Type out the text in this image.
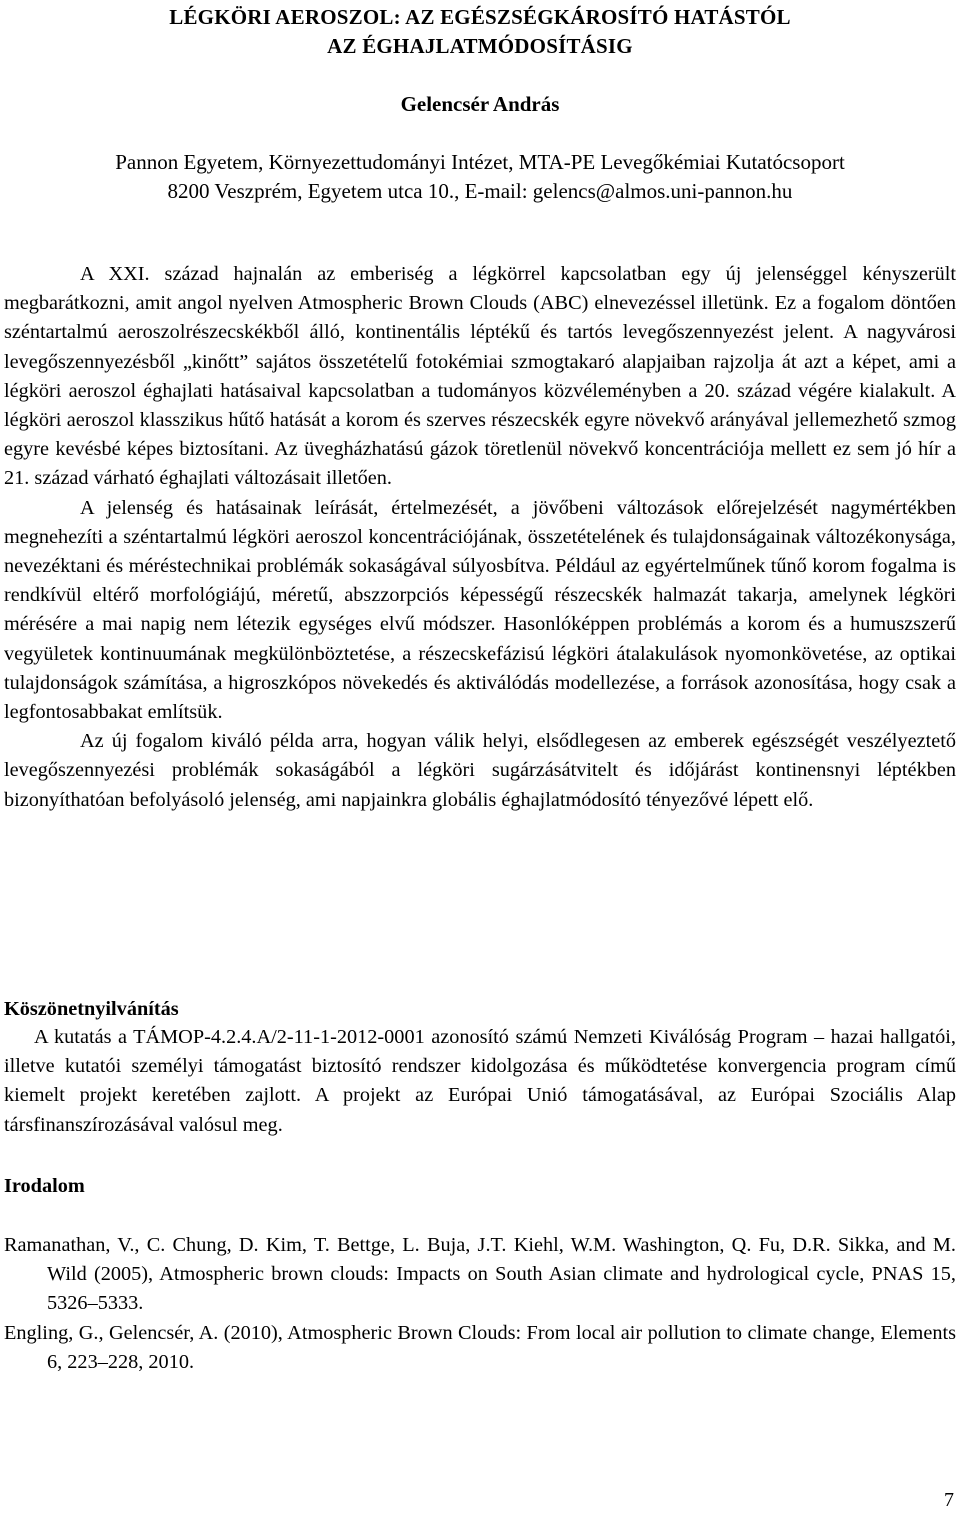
LÉGKÖRI AEROSZOL: AZ EGÉSZSÉGKÁROSÍTÓ HATÁSTÓL
AZ ÉGHAJLATMÓDOSÍTÁSIG
Gelencsér András
Pannon Egyetem, Környezettudományi Intézet, MTA-PE Levegőkémiai Kutatócsoport
8200 Veszprém, Egyetem utca 10., E-mail: gelencs@almos.uni-pannon.hu

A XXI. század hajnalán az emberiség a légkörrel kapcsolatban egy új jelenséggel kényszerült megbarátkozni, amit angol nyelven Atmospheric Brown Clouds (ABC) elnevezéssel illetünk. Ez a fogalom döntően széntartalmú aeroszolrészecskékből álló, kontinentális léptékű és tartós levegőszennyezést jelent. A nagyvárosi levegőszennyezésből „kinőtt” sajátos összetételű fotokémiai szmogtakaró alapjaiban rajzolja át azt a képet, ami a légköri aeroszol éghajlati hatásaival kapcsolatban a tudományos közvéleményben a 20. század végére kialakult. A légköri aeroszol klasszikus hűtő hatását a korom és szerves részecskék egyre növekvő arányával jellemezhető szmog egyre kevésbé képes biztosítani. Az üvegházhatású gázok töretlenül növekvő koncentrációja mellett ez sem jó hír a 21. század várható éghajlati változásait illetően.

A jelenség és hatásainak leírását, értelmezését, a jövőbeni változások előrejelzését nagymértékben megnehezíti a széntartalmú légköri aeroszol koncentrációjának, összetételének és tulajdonságainak változékonysága, nevezéktani és méréstechnikai problémák sokaságával súlyosbítva. Például az egyértelműnek tűnő korom fogalma is rendkívül eltérő morfológiájú, méretű, abszzorpciós képességű részecskék halmazát takarja, amelynek légköri mérésére a mai napig nem létezik egységes elvű módszer. Hasonlóképpen problémás a korom és a humuszszerű vegyületek kontinuumának megkülönböztetése, a részecskefázisú légköri átalakulások nyomonkövetése, az optikai tulajdonságok számítása, a higroszkópos növekedés és aktiválódás modellezése, a források azonosítása, hogy csak a legfontosabbakat említsük.

Az új fogalom kiváló példa arra, hogyan válik helyi, elsődlegesen az emberek egészségét veszélyeztető levegőszennyezési problémák sokaságából a légköri sugárzásátvitelt és időjárást kontinensnyi léptékben bizonyíthatóan befolyásoló jelenség, ami napjainkra globális éghajlatmódosító tényezővé lépett elő.

Köszönetnyilvánítás

A kutatás a TÁMOP-4.2.4.A/2-11-1-2012-0001 azonosító számú Nemzeti Kiválóság Program – hazai hallgatói, illetve kutatói személyi támogatást biztosító rendszer kidolgozása és működtetése konvergencia program című kiemelt projekt keretében zajlott. A projekt az Európai Unió támogatásával, az Európai Szociális Alap társfinanszírozásával valósul meg.

Irodalom

Ramanathan, V., C. Chung, D. Kim, T. Bettge, L. Buja, J.T. Kiehl, W.M. Washington, Q. Fu, D.R. Sikka, and M. Wild (2005), Atmospheric brown clouds: Impacts on South Asian climate and hydrological cycle, PNAS 15, 5326–5333.

Engling, G., Gelencsér, A. (2010), Atmospheric Brown Clouds: From local air pollution to climate change, Elements 6, 223–228, 2010.

7
